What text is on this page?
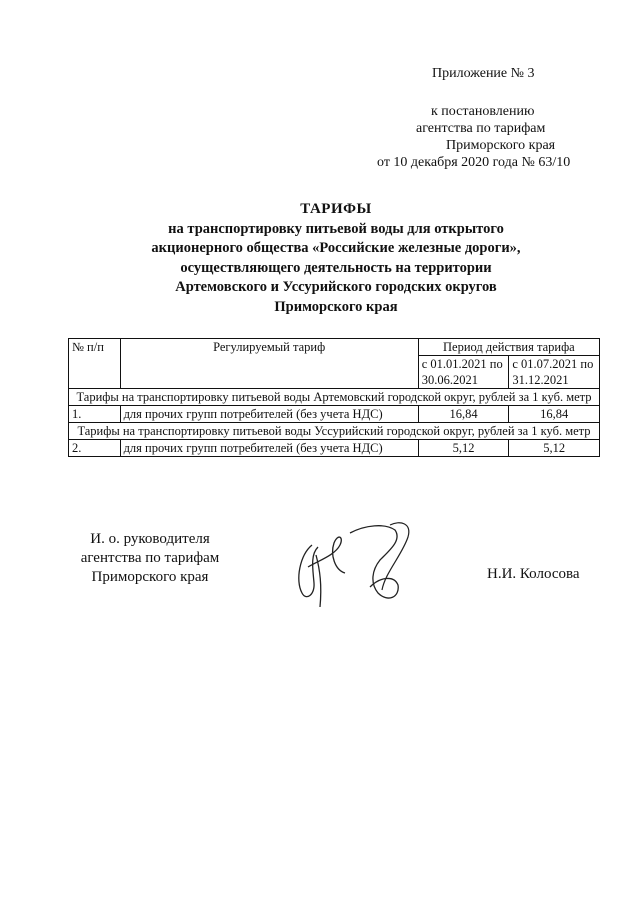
Приложение № 3
к постановлению
агентства по тарифам
Приморского края
от 10 декабря 2020 года № 63/10
ТАРИФЫ
на транспортировку питьевой воды для открытого
акционерного общества «Российские железные дороги»,
осуществляющего деятельность на территории
Артемовского и Уссурийского городских округов
Приморского края
№ п/п	Регулируемый тариф	Период действия тарифа	
		с 01.01.2021 по 30.06.2021	с 01.07.2021 по 31.12.2021
Тарифы на транспортировку питьевой воды Артемовский городской округ, рублей за 1 куб. метр			
1.	для прочих групп потребителей (без учета НДС)	16,84	16,84
Тарифы на транспортировку питьевой воды Уссурийский городской округ, рублей за 1 куб. метр			
2.	для прочих групп потребителей (без учета НДС)	5,12	5,12
И. о. руководителя
агентства по тарифам
Приморского края	Н.И. Колосова
